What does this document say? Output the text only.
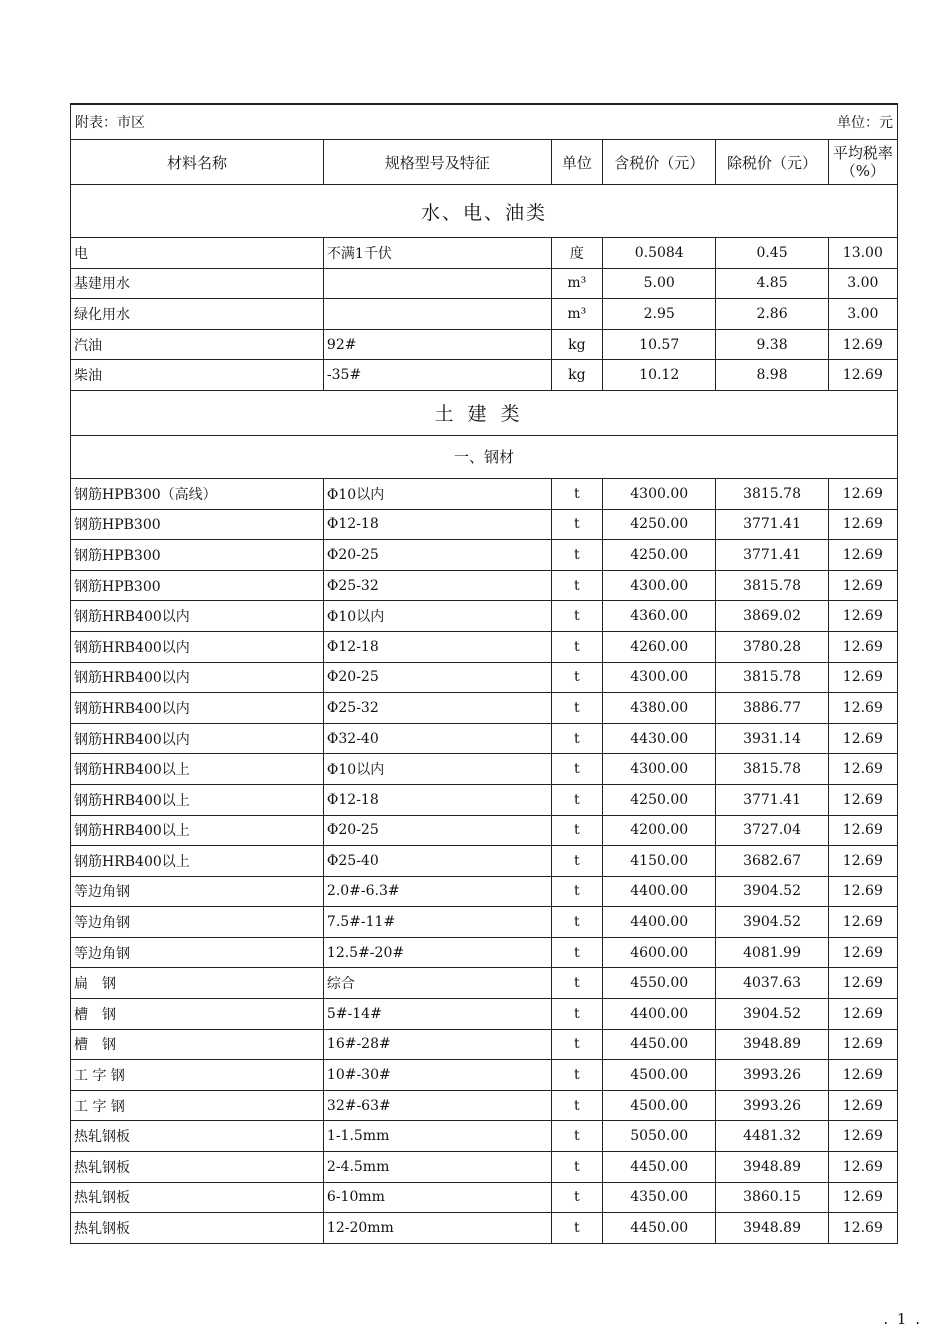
附表：市区			单位：元		
材料名称	规格型号及特征	单位	含税价（元）	除税价（元）	平均税率（%）
水、电、油类					
电	不满1千伏	度	0.5084	0.45	13.00
基建用水		m³	5.00	4.85	3.00
绿化用水		m³	2.95	2.86	3.00
汽油	92#	kg	10.57	9.38	12.69
柴油	-35#	kg	10.12	8.98	12.69
土建类					
一、钢材					
钢筋HPB300（高线）	Φ10以内	t	4300.00	3815.78	12.69
钢筋HPB300	Φ12-18	t	4250.00	3771.41	12.69
钢筋HPB300	Φ20-25	t	4250.00	3771.41	12.69
钢筋HPB300	Φ25-32	t	4300.00	3815.78	12.69
钢筋HRB400以内	Φ10以内	t	4360.00	3869.02	12.69
钢筋HRB400以内	Φ12-18	t	4260.00	3780.28	12.69
钢筋HRB400以内	Φ20-25	t	4300.00	3815.78	12.69
钢筋HRB400以内	Φ25-32	t	4380.00	3886.77	12.69
钢筋HRB400以内	Φ32-40	t	4430.00	3931.14	12.69
钢筋HRB400以上	Φ10以内	t	4300.00	3815.78	12.69
钢筋HRB400以上	Φ12-18	t	4250.00	3771.41	12.69
钢筋HRB400以上	Φ20-25	t	4200.00	3727.04	12.69
钢筋HRB400以上	Φ25-40	t	4150.00	3682.67	12.69
等边角钢	2.0#-6.3#	t	4400.00	3904.52	12.69
等边角钢	7.5#-11#	t	4400.00	3904.52	12.69
等边角钢	12.5#-20#	t	4600.00	4081.99	12.69
扁　钢	综合	t	4550.00	4037.63	12.69
槽　钢	5#-14#	t	4400.00	3904.52	12.69
槽　钢	16#-28#	t	4450.00	3948.89	12.69
工 字 钢	10#-30#	t	4500.00	3993.26	12.69
工 字 钢	32#-63#	t	4500.00	3993.26	12.69
热轧钢板	1-1.5mm	t	5050.00	4481.32	12.69
热轧钢板	2-4.5mm	t	4450.00	3948.89	12.69
热轧钢板	6-10mm	t	4350.00	3860.15	12.69
热轧钢板	12-20mm	t	4450.00	3948.89	12.69
. 1 .
